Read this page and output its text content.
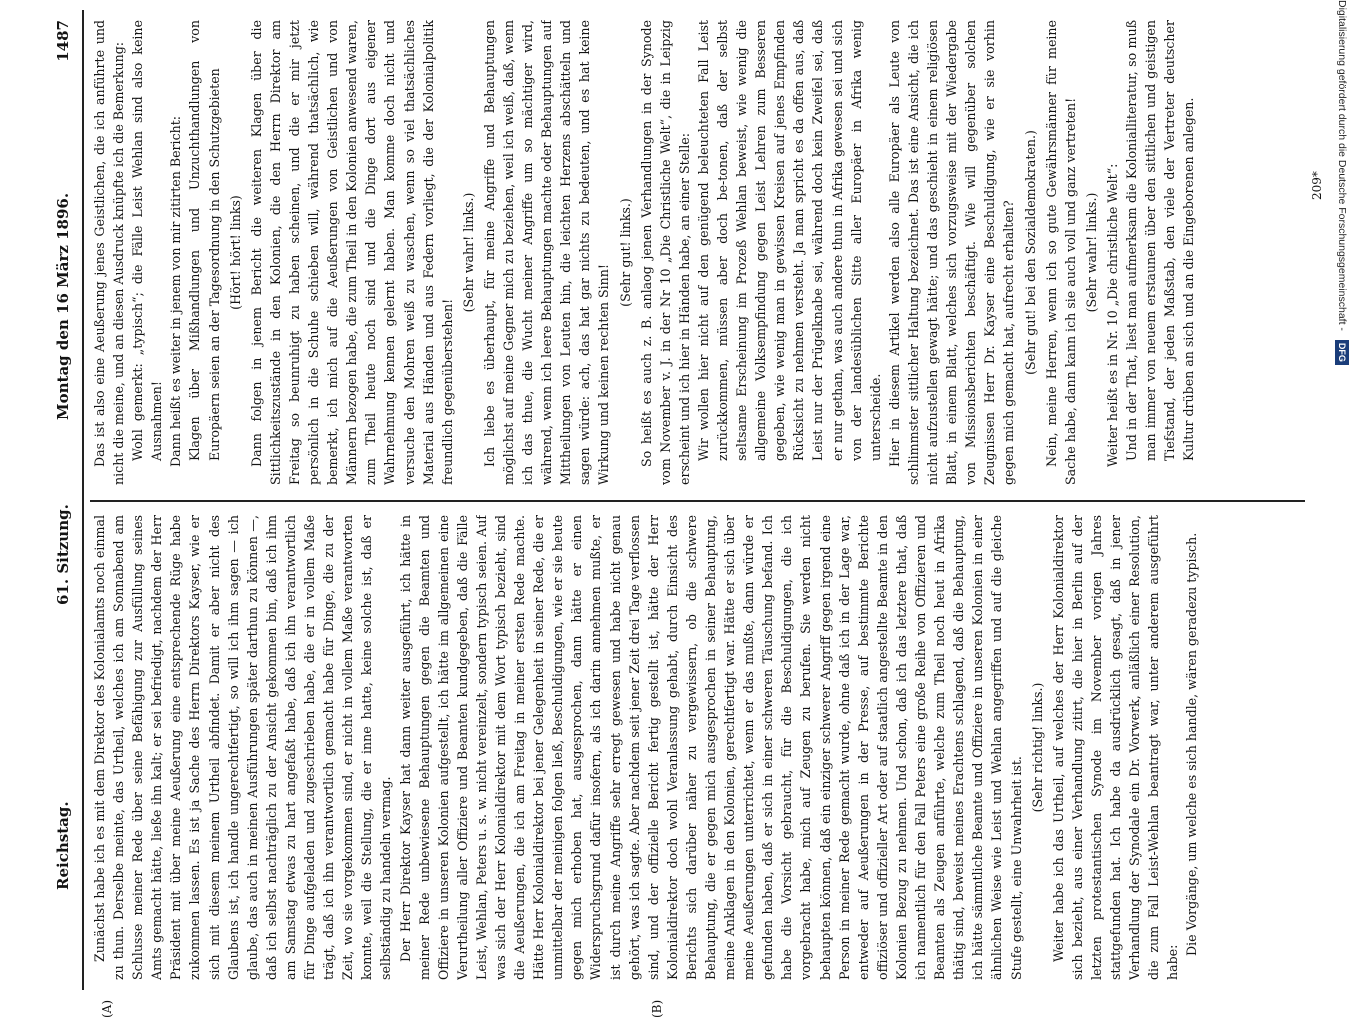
Reichstag.
61. Sitzung.
Montag den 16 März 1896.
1487
(A)	(B)

Zunächst habe ich es mit dem Direktor des Kolonialamts noch einmal zu thun. Derselbe meinte, das Urtheil, welches ich am Sonnabend am Schlusse meiner Rede über seine Befähigung zur Ausfüllung seines Amts gemacht hätte, ließe ihn kalt; er sei befriedigt, nachdem der Herr Präsident mit über meine Aeußerung eine entsprechende Rüge habe zukommen lassen. Es ist ja Sache des Herrn Direktors Kayser, wie er sich mit diesem meinem Urtheil abfindet. Damit er aber nicht des Glaubens ist, ich handle ungerechtfertigt, so will ich ihm sagen — ich glaube, das auch in meinen Ausführungen später darthun zu können —, daß ich selbst nachträglich zu der Ansicht gekommen bin, daß ich ihm am Samstag etwas zu hart angefaßt habe, daß ich ihn verantwortlich für Dinge aufgeladen und zugeschrieben habe, die er in vollem Maße trägt, daß ich ihn verantwortlich gemacht habe für Dinge, die zu der Zeit, wo sie vorgekommen sind, er nicht in vollem Maße verantworten konnte, weil die Stellung, die er inne hatte, keine solche ist, daß er selbständig zu handeln vermag. Der Herr Direktor Kayser hat dann weiter ausgeführt, ich hätte in meiner Rede unbewiesene Behauptungen gegen die Beamten und Offiziere in unseren Kolonien aufgestellt, ich hätte im allgemeinen eine Verurtheilung aller Offiziere und Beamten kundgegeben, daß die Fälle Leist, Wehlan, Peters u. s. w. nicht vereinzelt, sondern typisch seien. Auf was sich der Herr Kolonialdirektor mit dem Wort typisch bezieht, sind die Aeußerungen, die ich am Freitag in meiner ersten Rede machte. Hätte Herr Kolonialdirektor bei jener Gelegenheit in seiner Rede, die er unmittelbar der meinigen folgen ließ, Beschuldigungen, wie er sie heute gegen mich erhoben hat, ausgesprochen, dann hätte er einen Widerspruchsgrund dafür insofern, als ich darin annehmen mußte, er ist durch meine Angriffe sehr erregt gewesen und habe nicht genau gehört, was ich sagte. Aber nachdem seit jener Zeit drei Tage verflossen sind, und der offizielle Bericht fertig gestellt ist, hätte der Herr Kolonialdirektor doch wohl Veranlassung gehabt, durch Einsicht des Berichts sich darüber näher zu vergewissern, ob die schwere Behauptung, die er gegen mich ausgesprochen in seiner Behauptung, meine Anklagen in den Kolonien, gerechtfertigt war. Hätte er sich über meine Aeußerungen unterrichtet, wenn er das mußte, dann würde er gefunden haben, daß er sich in einer schweren Täuschung befand. Ich habe die Vorsicht gebraucht, für die Beschuldigungen, die ich vorgebracht habe, mich auf Zeugen zu berufen. Sie werden nicht behaupten können, daß ein einziger schwerer Angriff gegen irgend eine Person in meiner Rede gemacht wurde, ohne daß ich in der Lage war, entweder auf Aeußerungen in der Presse, auf bestimmte Berichte offiziöser und offizieller Art oder auf staatlich angestellte Beamte in den Kolonien Bezug zu nehmen. Und schon, daß ich das letztere that, daß ich namentlich für den Fall Peters eine große Reihe von Offizieren und Beamten als Zeugen anführte, welche zum Theil noch heut in Afrika thätig sind, beweist meines Erachtens schlagend, daß die Behauptung, ich hätte sämmtliche Beamte und Offiziere in unseren Kolonien in einer ähnlichen Weise wie Leist und Wehlan angegriffen und auf die gleiche Stufe gestellt, eine Unwahrheit ist.

(Sehr richtig! links.) Weiter habe ich das Urtheil, auf welches der Herr Kolonialdirektor sich bezieht, aus einer Verhandlung zitirt, die hier in Berlin auf der letzten protestantischen Synode im November vorigen Jahres stattgefunden hat. Ich habe da ausdrücklich gesagt, daß in jener Verhandlung der Synodale ein Dr. Vorwerk, anläßlich einer Resolution, die zum Fall Leist-Wehlan beantragt war, unter anderem ausgeführt habe:

Die Vorgänge, um welche es sich handle, wären geradezu typisch.

Das ist also eine Aeußerung jenes Geistlichen, die ich anführte und nicht die meine, und an diesen Ausdruck knüpfte ich die Bemerkung: Wohl gemerkt: „typisch“; die Fälle Leist Wehlan sind also keine Ausnahmen! Dann heißt es weiter in jenem von mir zitirten Bericht: Klagen über Mißhandlungen und Unzuchthandlungen von Europäern seien an der Tagesordnung in den Schutzgebieten (Hört! hört! links) Dann folgen in jenem Bericht die weiteren Klagen über die Sittlichkeitszustände in den Kolonien, die den Herrn Direktor am Freitag so beunruhigt zu haben scheinen, und die er mir jetzt persönlich in die Schuhe schieben will, während thatsächlich, wie bemerkt, ich mich auf die Aeußerungen von Geistlichen und von Männern bezogen habe, die zum Theil in den Kolonien anwesend waren, zum Theil heute noch sind und die Dinge dort aus eigener Wahrnehmung kennen gelernt haben. Man komme doch nicht und versuche den Mohren weiß zu waschen, wenn so viel thatsächliches Material aus Händen und aus Federn vorliegt, die der Kolonialpolitik freundlich gegenüberstehen!

(Sehr wahr! links.) Ich liebe es überhaupt, für meine Angriffe und Behauptungen möglichst auf meine Gegner mich zu beziehen, weil ich weiß, daß, wenn ich das thue, die Wucht meiner Angriffe um so mächtiger wird, während, wenn ich leere Behauptungen machte oder Behauptungen auf Mittheilungen von Leuten hin, die leichten Herzens abschätteln und sagen würde: ach, das hat gar nichts zu bedeuten, und es hat keine Wirkung und keinen rechten Sinn!

(Sehr gut! links.) So heißt es auch z. B. anlaog jenen Verhandlungen in der Synode vom November v. J. in der Nr 10 „Die Christliche Welt“, die in Leipzig erscheint und ich hier in Händen habe, an einer Stelle: Wir wollen hier nicht auf den genügend beleuchteten Fall Leist zurückkommen, müssen aber doch be-tonen, daß der selbst seltsame Erscheinung im Prozeß Wehlan beweist, wie wenig die allgemeine Volksempfindung gegen Leist Lehren zum Besseren gegeben, wie wenig man in gewissen Kreisen auf jenes Empfinden Rücksicht zu nehmen versteht. Ja man spricht es da offen aus, daß Leist nur der Prügelknabe sei, während doch kein Zweifel sei, daß er nur gethan, was auch andere thun in Afrika gewesen sei und sich von der landesüblichen Sitte aller Europäer in Afrika wenig unterscheide. Hier in diesem Artikel werden also alle Europäer als Leute von schlimmster sittlicher Haltung bezeichnet. Das ist eine Ansicht, die ich nicht aufzustellen gewagt hätte; und das geschieht in einem religiösen Blatt, in einem Blatt, welches sich vorzugsweise mit der Wiedergabe von Missionsberichten beschäftigt. Wie will gegenüber solchen Zeugnissen Herr Dr. Kayser eine Beschuldigung, wie er sie vorhin gegen mich gemacht hat, aufrecht erhalten? (Sehr gut! bei den Sozialdemokraten.) Nein, meine Herren, wenn ich so gute Gewährsmänner für meine Sache habe, dann kann ich sie auch voll und ganz vertreten! (Sehr wahr! links.) Weiter heißt es in Nr. 10 „Die christliche Welt“: Und in der That, liest man aufmerksam die Kolonialliteratur, so muß man immer von neuem erstaunen über den sittlichen und geistigen Tiefstand, der jeden Maßstab, den viele der Vertreter deutscher Kultur drüben an sich und an die Eingeborenen anlegen.	209*	Digitalisierung gefördert durch die Deutsche Forschungsgemeinschaft - DFG
